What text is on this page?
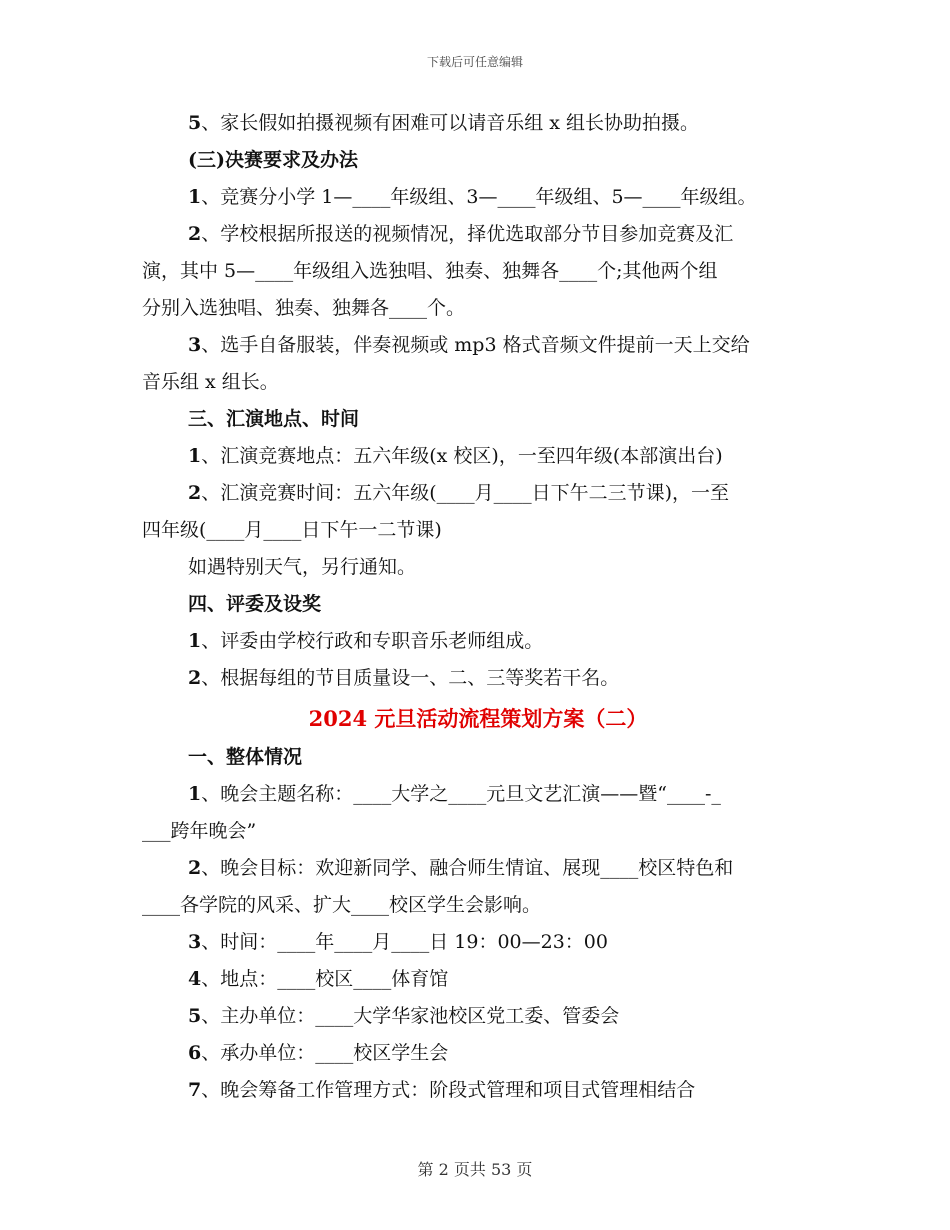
下载后可任意编辑

5、家长假如拍摄视频有困难可以请音乐组 x 组长协助拍摄。

(三)决赛要求及办法

1、竞赛分小学 1—____年级组、3—____年级组、5—____年级组。

2、学校根据所报送的视频情况，择优选取部分节目参加竞赛及汇

演，其中 5—____年级组入选独唱、独奏、独舞各____个;其他两个组

分别入选独唱、独奏、独舞各____个。

3、选手自备服装，伴奏视频或 mp3 格式音频文件提前一天上交给

音乐组 x 组长。

三、汇演地点、时间

1、汇演竞赛地点：五六年级(x 校区)，一至四年级(本部演出台)

2、汇演竞赛时间：五六年级(____月____日下午二三节课)，一至

四年级(____月____日下午一二节课)

如遇特别天气，另行通知。

四、评委及设奖

1、评委由学校行政和专职音乐老师组成。

2、根据每组的节目质量设一、二、三等奖若干名。

2024 元旦活动流程策划方案（二）

一、整体情况

1、晚会主题名称：____大学之____元旦文艺汇演——暨“____-_

___跨年晚会”

2、晚会目标：欢迎新同学、融合师生情谊、展现____校区特色和

____各学院的风采、扩大____校区学生会影响。

3、时间：____年____月____日 19：00—23：00

4、地点：____校区____体育馆

5、主办单位：____大学华家池校区党工委、管委会

6、承办单位：____校区学生会

7、晚会筹备工作管理方式：阶段式管理和项目式管理相结合

第 2 页共 53 页
